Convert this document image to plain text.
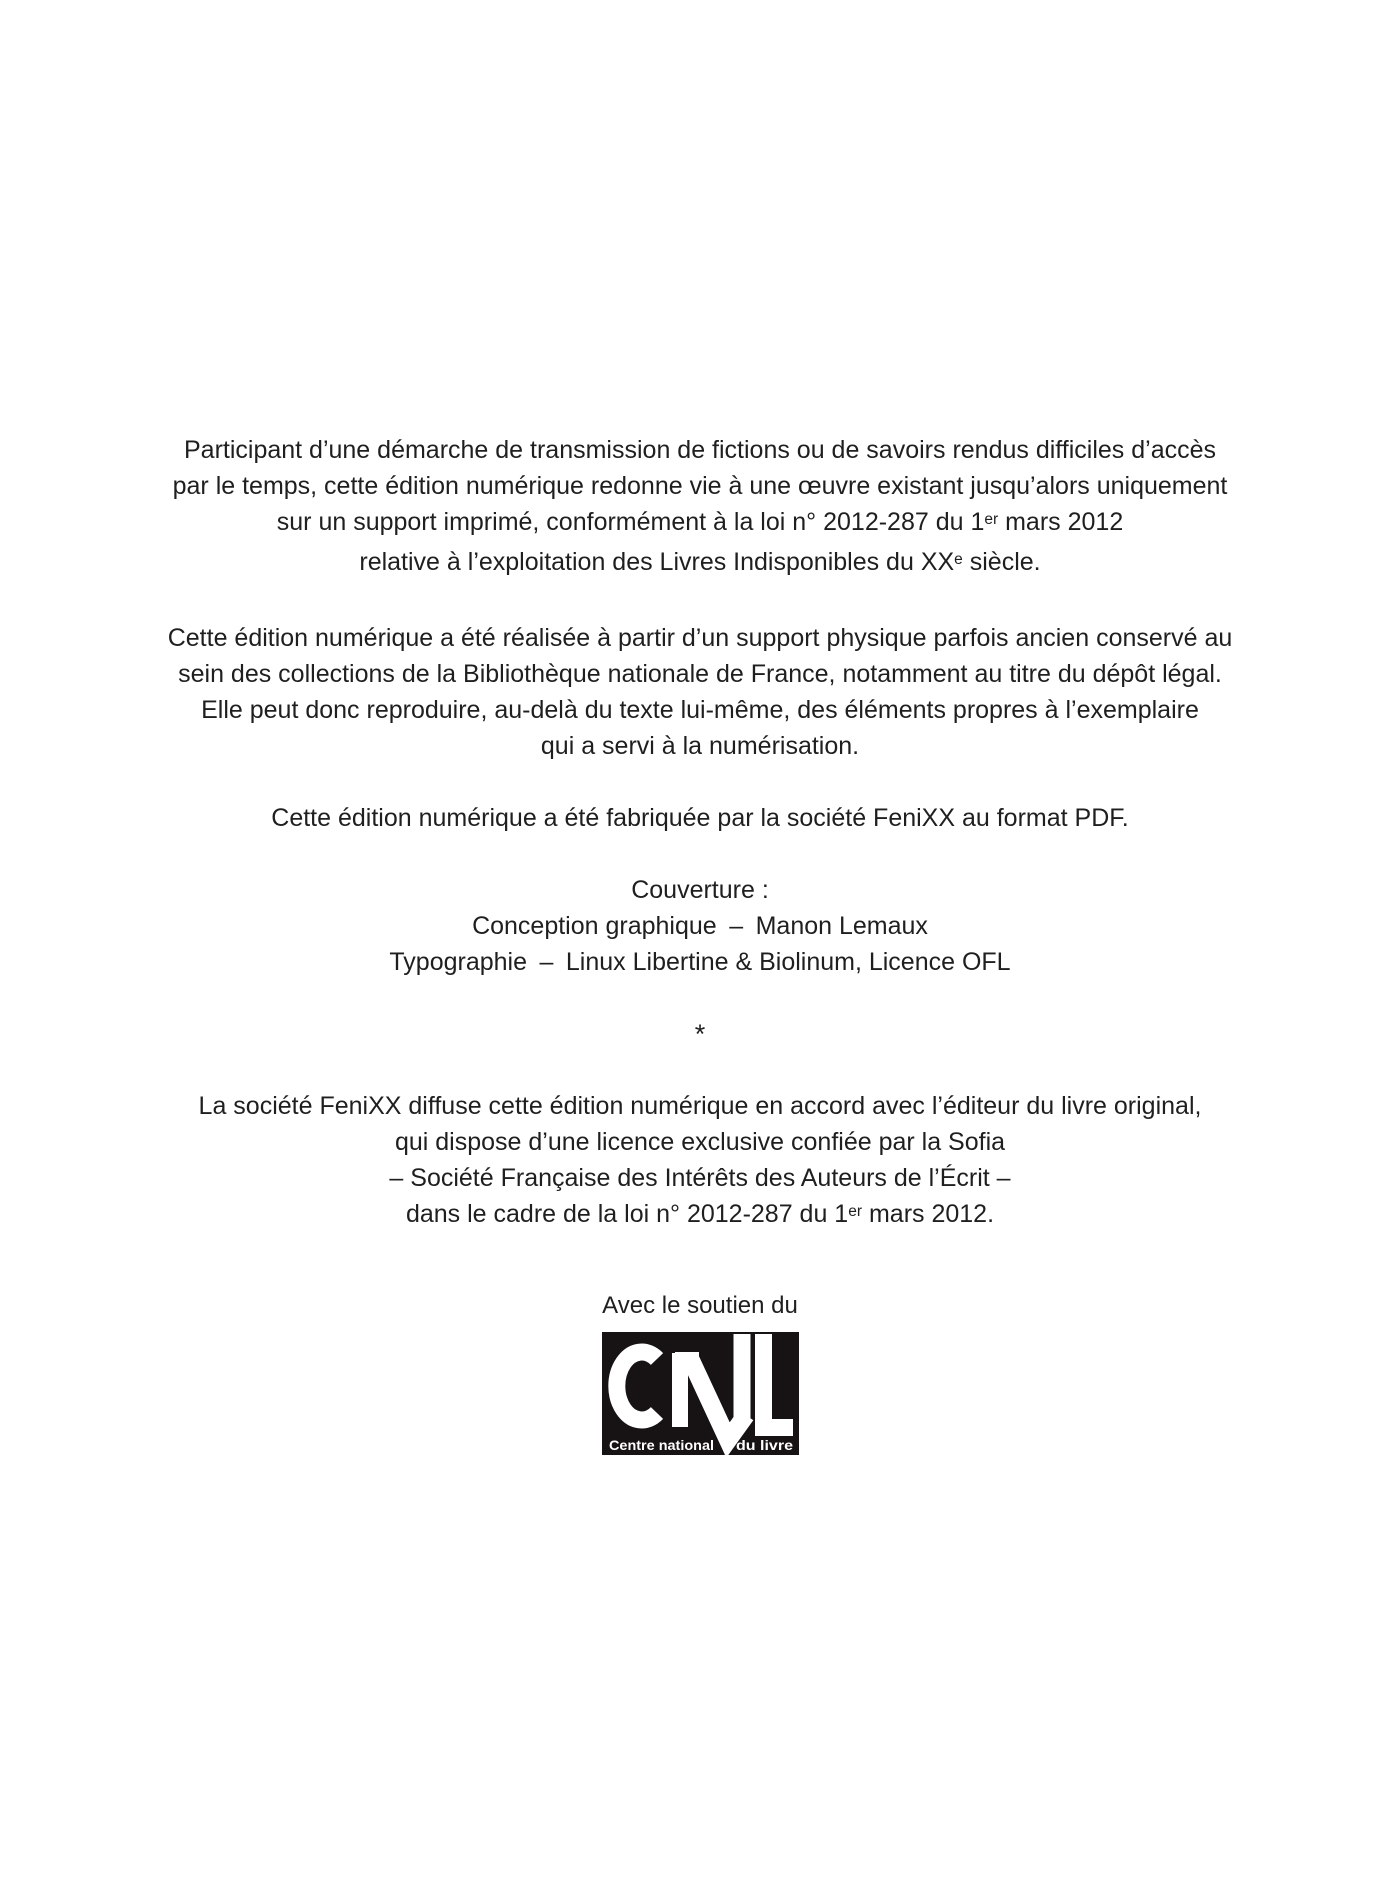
Participant d’une démarche de transmission de fictions ou de savoirs rendus difficiles d’accès
par le temps, cette édition numérique redonne vie à une œuvre existant jusqu’alors uniquement
sur un support imprimé, conformément à la loi n° 2012-287 du 1er mars 2012
relative à l’exploitation des Livres Indisponibles du XXe siècle.

Cette édition numérique a été réalisée à partir d’un support physique parfois ancien conservé au
sein des collections de la Bibliothèque nationale de France, notamment au titre du dépôt légal.
Elle peut donc reproduire, au-delà du texte lui-même, des éléments propres à l’exemplaire
qui a servi à la numérisation.

Cette édition numérique a été fabriquée par la société FeniXX au format PDF.

Couverture :
Conception graphique – Manon Lemaux
Typographie – Linux Libertine & Biolinum, Licence OFL

*

La société FeniXX diffuse cette édition numérique en accord avec l’éditeur du livre original,
qui dispose d’une licence exclusive confiée par la Sofia
– Société Française des Intérêts des Auteurs de l’Écrit –
dans le cadre de la loi n° 2012-287 du 1er mars 2012.

Avec le soutien du
Centre national du livre
